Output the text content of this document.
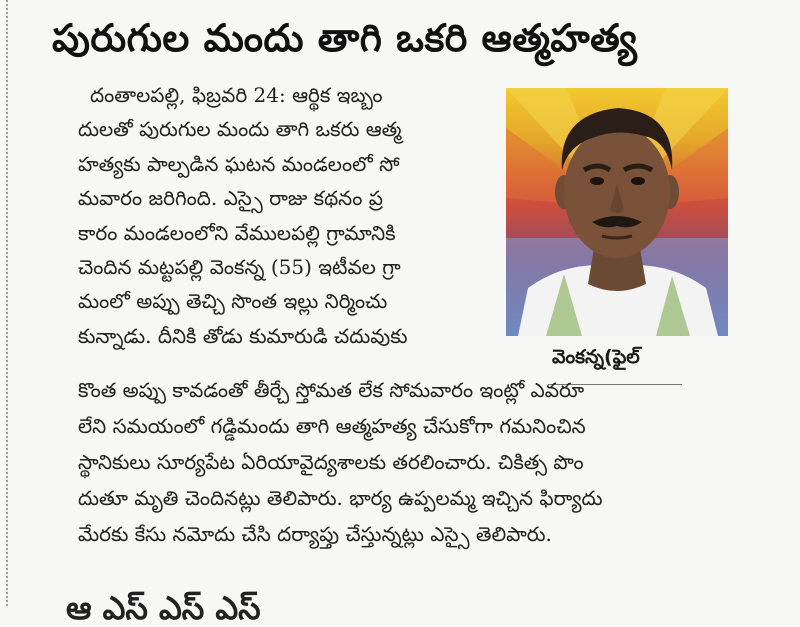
పురుగుల మందు తాగి ఒకరి ఆత్మహత్య

దంతాలపల్లి, ఫిబ్రవరి 24: ఆర్థిక ఇబ్బం

దులతో పురుగుల మందు తాగి ఒకరు ఆత్మ

హత్యకు పాల్పడిన ఘటన మండలంలో సో

మవారం జరిగింది. ఎస్సై రాజు కథనం ప్ర

కారం మండలంలోని వేములపల్లి గ్రామానికి

చెందిన మట్టపల్లి వెంకన్న (55) ఇటీవల గ్రా

మంలో అప్పు తెచ్చి సొంత ఇల్లు నిర్మించు

కున్నాడు. దీనికి తోడు కుమారుడి చదువుకు

వెంకన్న(ఫైల్

కొంత అప్పు కావడంతో తీర్చే స్తోమత లేక సోమవారం ఇంట్లో ఎవరూ

లేని సమయంలో గడ్డిమందు తాగి ఆత్మహత్య చేసుకోగా గమనించిన

స్థానికులు సూర్యపేట ఏరియావైద్యశాలకు తరలించారు. చికిత్స పొం

దుతూ మృతి చెందినట్లు తెలిపారు. భార్య ఉప్పలమ్మ ఇచ్చిన ఫిర్యాదు

మేరకు కేసు నమోదు చేసి దర్యాప్తు చేస్తున్నట్లు ఎస్సై తెలిపారు.

ఆ ఎస్ ఎస్ ఎస్
